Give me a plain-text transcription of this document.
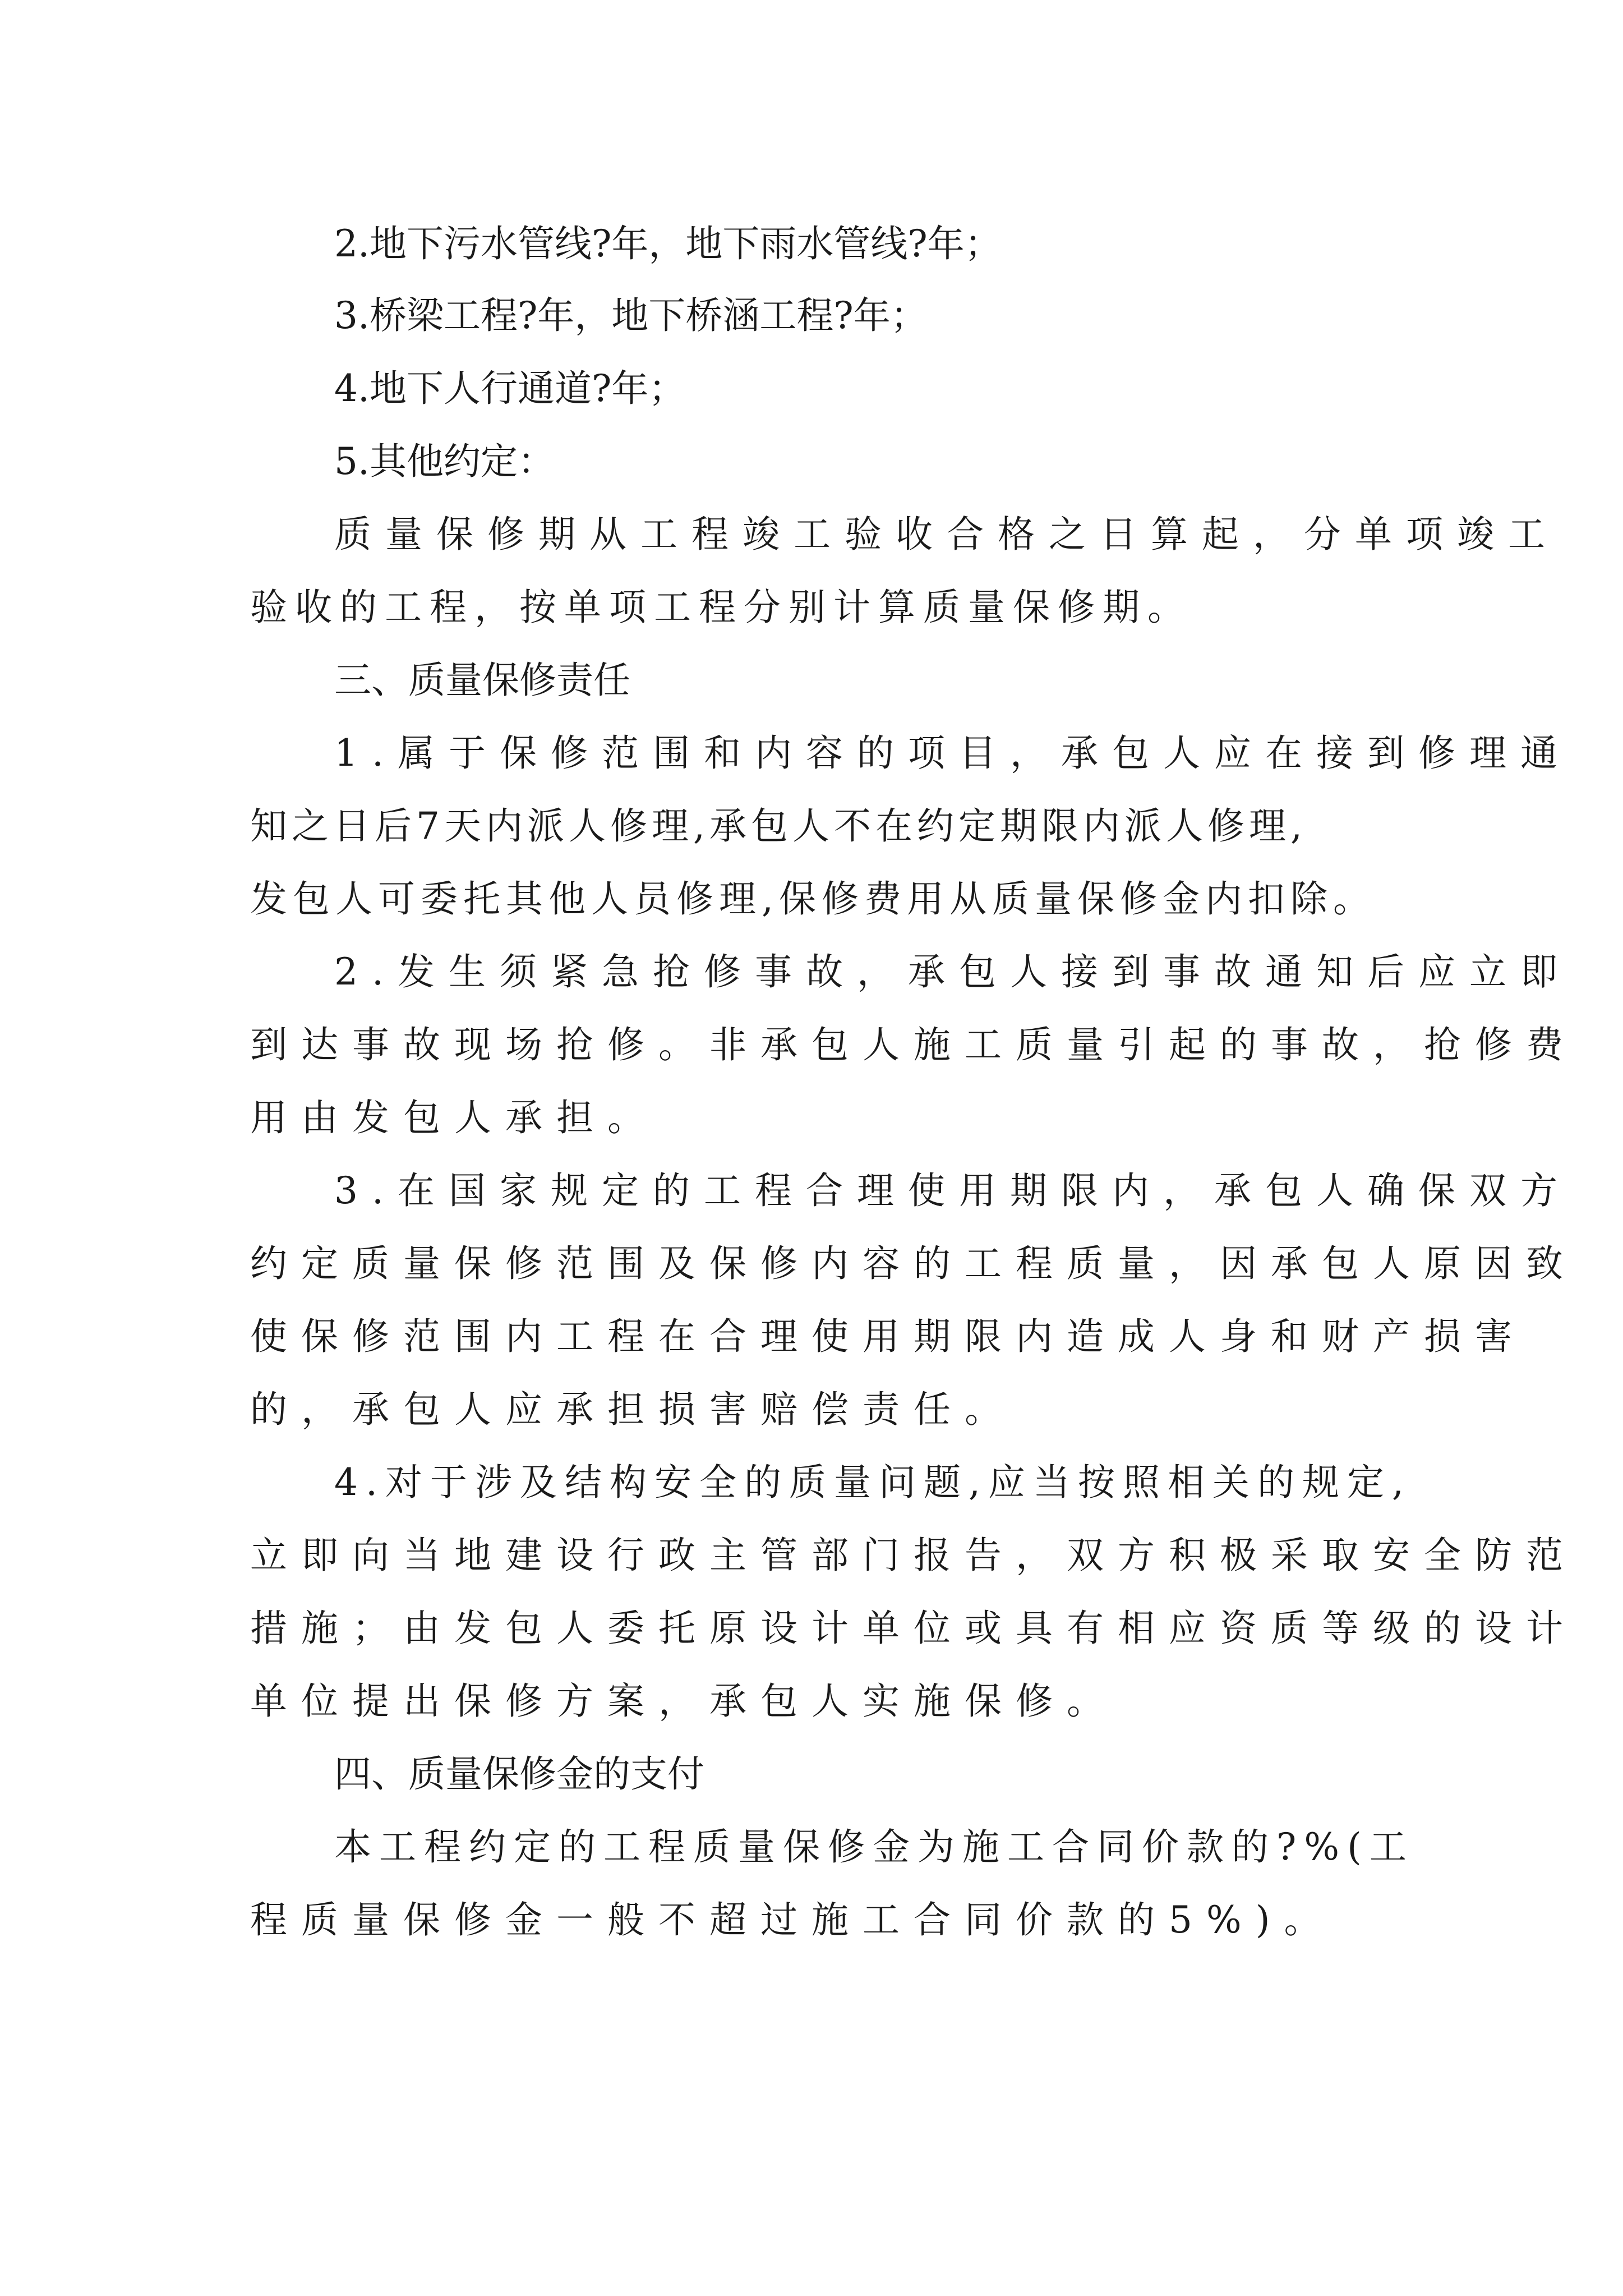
2.地下污水管线?年，地下雨水管线?年；

3.桥梁工程?年，地下桥涵工程?年；

4.地下人行通道?年；

5.其他约定：

质量保修期从工程竣工验收合格之日算起，分单项竣工

验收的工程，按单项工程分别计算质量保修期。

三、质量保修责任

1.属于保修范围和内容的项目，承包人应在接到修理通

知之日后7天内派人修理,承包人不在约定期限内派人修理,

发包人可委托其他人员修理,保修费用从质量保修金内扣除。

2.发生须紧急抢修事故，承包人接到事故通知后应立即

到达事故现场抢修。非承包人施工质量引起的事故，抢修费

用由发包人承担。

3.在国家规定的工程合理使用期限内，承包人确保双方

约定质量保修范围及保修内容的工程质量，因承包人原因致

使保修范围内工程在合理使用期限内造成人身和财产损害

的，承包人应承担损害赔偿责任。

4.对于涉及结构安全的质量问题,应当按照相关的规定,

立即向当地建设行政主管部门报告，双方积极采取安全防范

措施；由发包人委托原设计单位或具有相应资质等级的设计

单位提出保修方案，承包人实施保修。

四、质量保修金的支付

本工程约定的工程质量保修金为施工合同价款的?%(工

程质量保修金一般不超过施工合同价款的5%)。
